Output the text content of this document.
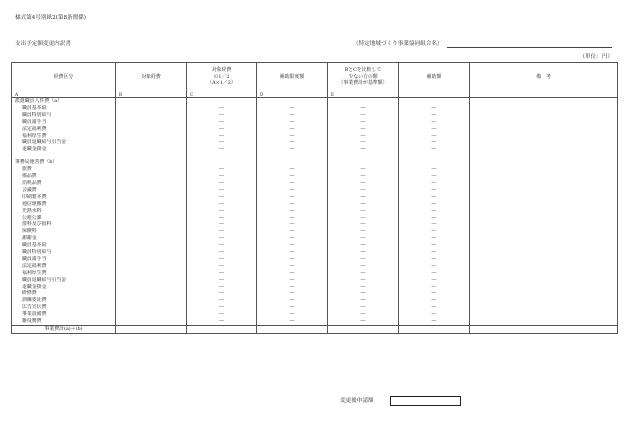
様式第4号別紙2(第8条関係)
支出予定額変更内訳書	（特定地域づくり事業協同組合名）
（単位：円）
経費区分	対象経費	対象経費
の1／2
（A×1／2）	補助限度額	BとCを比較して
少ない方の額
（事業費計が基準額）	補助額	備　考
A	B	C	D	E		
派遣職員人件費（a）						
職員基本給		―	―	―	―	
職員特別給与		―	―	―	―	
職員諸手当		―	―	―	―	
法定福利費		―	―	―	―	
福利厚生費		―	―	―	―	
職員退職給与引当金		―	―	―	―	
退職金掛金		―	―	―	―	

事務局運営費（b）						
旅費		―	―	―	―	
備品費		―	―	―	―	
消耗品費		―	―	―	―	
会議費		―	―	―	―	
印刷製本費		―	―	―	―	
通信運搬費		―	―	―	―	
光熱水料		―	―	―	―	
公租公課		―	―	―	―	
借料及び損料		―	―	―	―	
保険料		―	―	―	―	
謝謝金		―	―	―	―	
職員基本給		―	―	―	―	
職員特別給与		―	―	―	―	
職員諸手当		―	―	―	―	
法定福利費		―	―	―	―	
福利厚生費		―	―	―	―	
職員退職給与引当金		―	―	―	―	
退職金掛金		―	―	―	―	
研修費		―	―	―	―	
訓練委託費		―	―	―	―	
広告宣伝費		―	―	―	―	
事業設備費		―	―	―	―	
雑役務費		―	―	―	―	
事業費計(a)＋(b)						
変更後申請額
